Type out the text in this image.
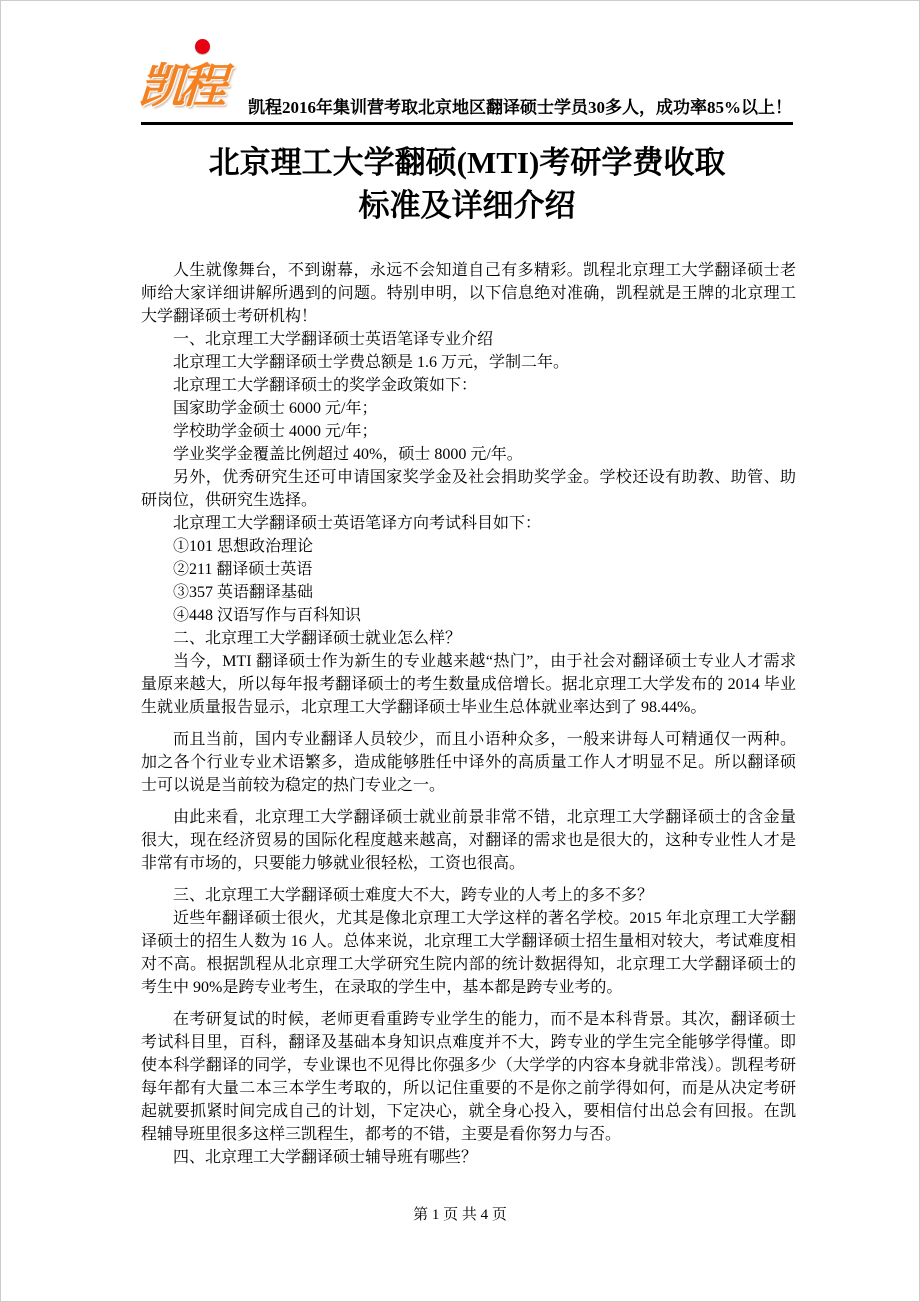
凯程 凯程2016年集训营考取北京地区翻译硕士学员30多人，成功率85%以上！
北京理工大学翻硕(MTI)考研学费收取
标准及详细介绍

人生就像舞台，不到谢幕，永远不会知道自己有多精彩。凯程北京理工大学翻译硕士老师给大家详细讲解所遇到的问题。特别申明，以下信息绝对准确，凯程就是王牌的北京理工大学翻译硕士考研机构！

一、北京理工大学翻译硕士英语笔译专业介绍

北京理工大学翻译硕士学费总额是 1.6 万元，学制二年。

北京理工大学翻译硕士的奖学金政策如下：

国家助学金硕士 6000 元/年；

学校助学金硕士 4000 元/年；

学业奖学金覆盖比例超过 40%，硕士 8000 元/年。

另外，优秀研究生还可申请国家奖学金及社会捐助奖学金。学校还设有助教、助管、助研岗位，供研究生选择。

北京理工大学翻译硕士英语笔译方向考试科目如下：

①101 思想政治理论

②211 翻译硕士英语

③357 英语翻译基础

④448 汉语写作与百科知识

二、北京理工大学翻译硕士就业怎么样？

当今，MTI 翻译硕士作为新生的专业越来越“热门”，由于社会对翻译硕士专业人才需求量原来越大，所以每年报考翻译硕士的考生数量成倍增长。据北京理工大学发布的 2014 毕业生就业质量报告显示，北京理工大学翻译硕士毕业生总体就业率达到了 98.44%。

而且当前，国内专业翻译人员较少，而且小语种众多，一般来讲每人可精通仅一两种。加之各个行业专业术语繁多，造成能够胜任中译外的高质量工作人才明显不足。所以翻译硕士可以说是当前较为稳定的热门专业之一。

由此来看，北京理工大学翻译硕士就业前景非常不错，北京理工大学翻译硕士的含金量很大，现在经济贸易的国际化程度越来越高，对翻译的需求也是很大的，这种专业性人才是非常有市场的，只要能力够就业很轻松，工资也很高。

三、北京理工大学翻译硕士难度大不大，跨专业的人考上的多不多？

近些年翻译硕士很火，尤其是像北京理工大学这样的著名学校。2015 年北京理工大学翻译硕士的招生人数为 16 人。总体来说，北京理工大学翻译硕士招生量相对较大，考试难度相对不高。根据凯程从北京理工大学研究生院内部的统计数据得知，北京理工大学翻译硕士的考生中 90%是跨专业考生，在录取的学生中，基本都是跨专业考的。

在考研复试的时候，老师更看重跨专业学生的能力，而不是本科背景。其次，翻译硕士考试科目里，百科，翻译及基础本身知识点难度并不大，跨专业的学生完全能够学得懂。即使本科学翻译的同学，专业课也不见得比你强多少（大学学的内容本身就非常浅）。凯程考研每年都有大量二本三本学生考取的，所以记住重要的不是你之前学得如何，而是从决定考研起就要抓紧时间完成自己的计划，下定决心，就全身心投入，要相信付出总会有回报。在凯程辅导班里很多这样三凯程生，都考的不错，主要是看你努力与否。

四、北京理工大学翻译硕士辅导班有哪些？

第 1 页 共 4 页
